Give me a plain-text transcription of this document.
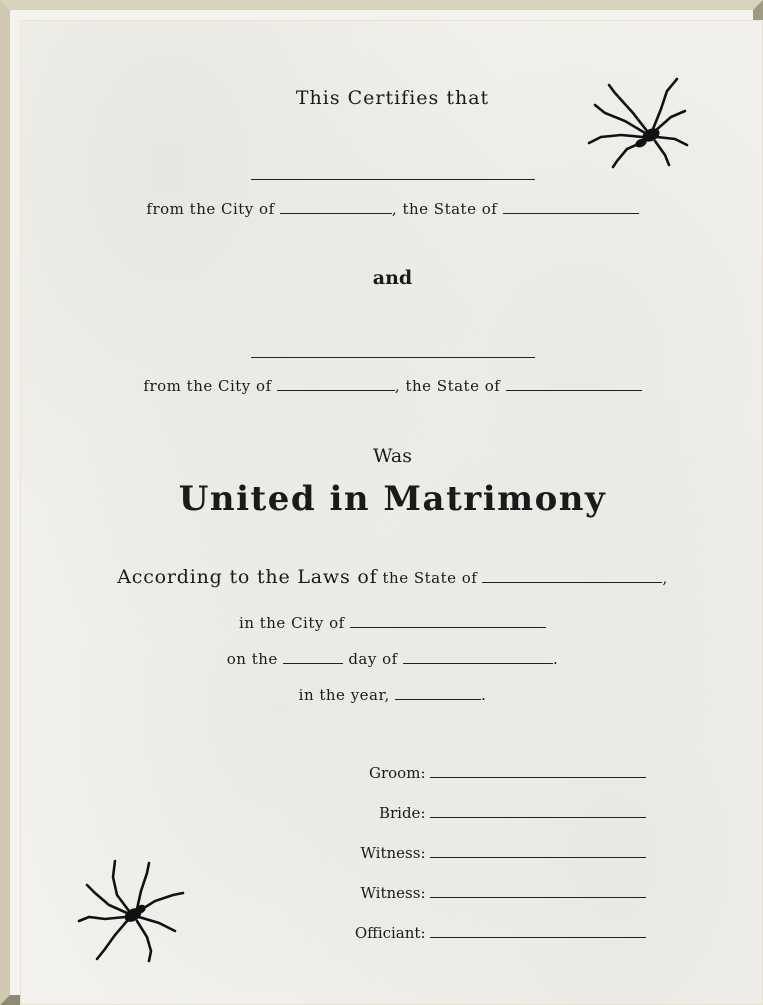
This Certifies that
from the City of	, the State of
and
from the City of	, the State of
Was
United in Matrimony
According to the Laws of the State of	,
in the City of
on the	day of	.
in the year,	.
Groom:
Bride:
Witness:
Witness:
Officiant:
